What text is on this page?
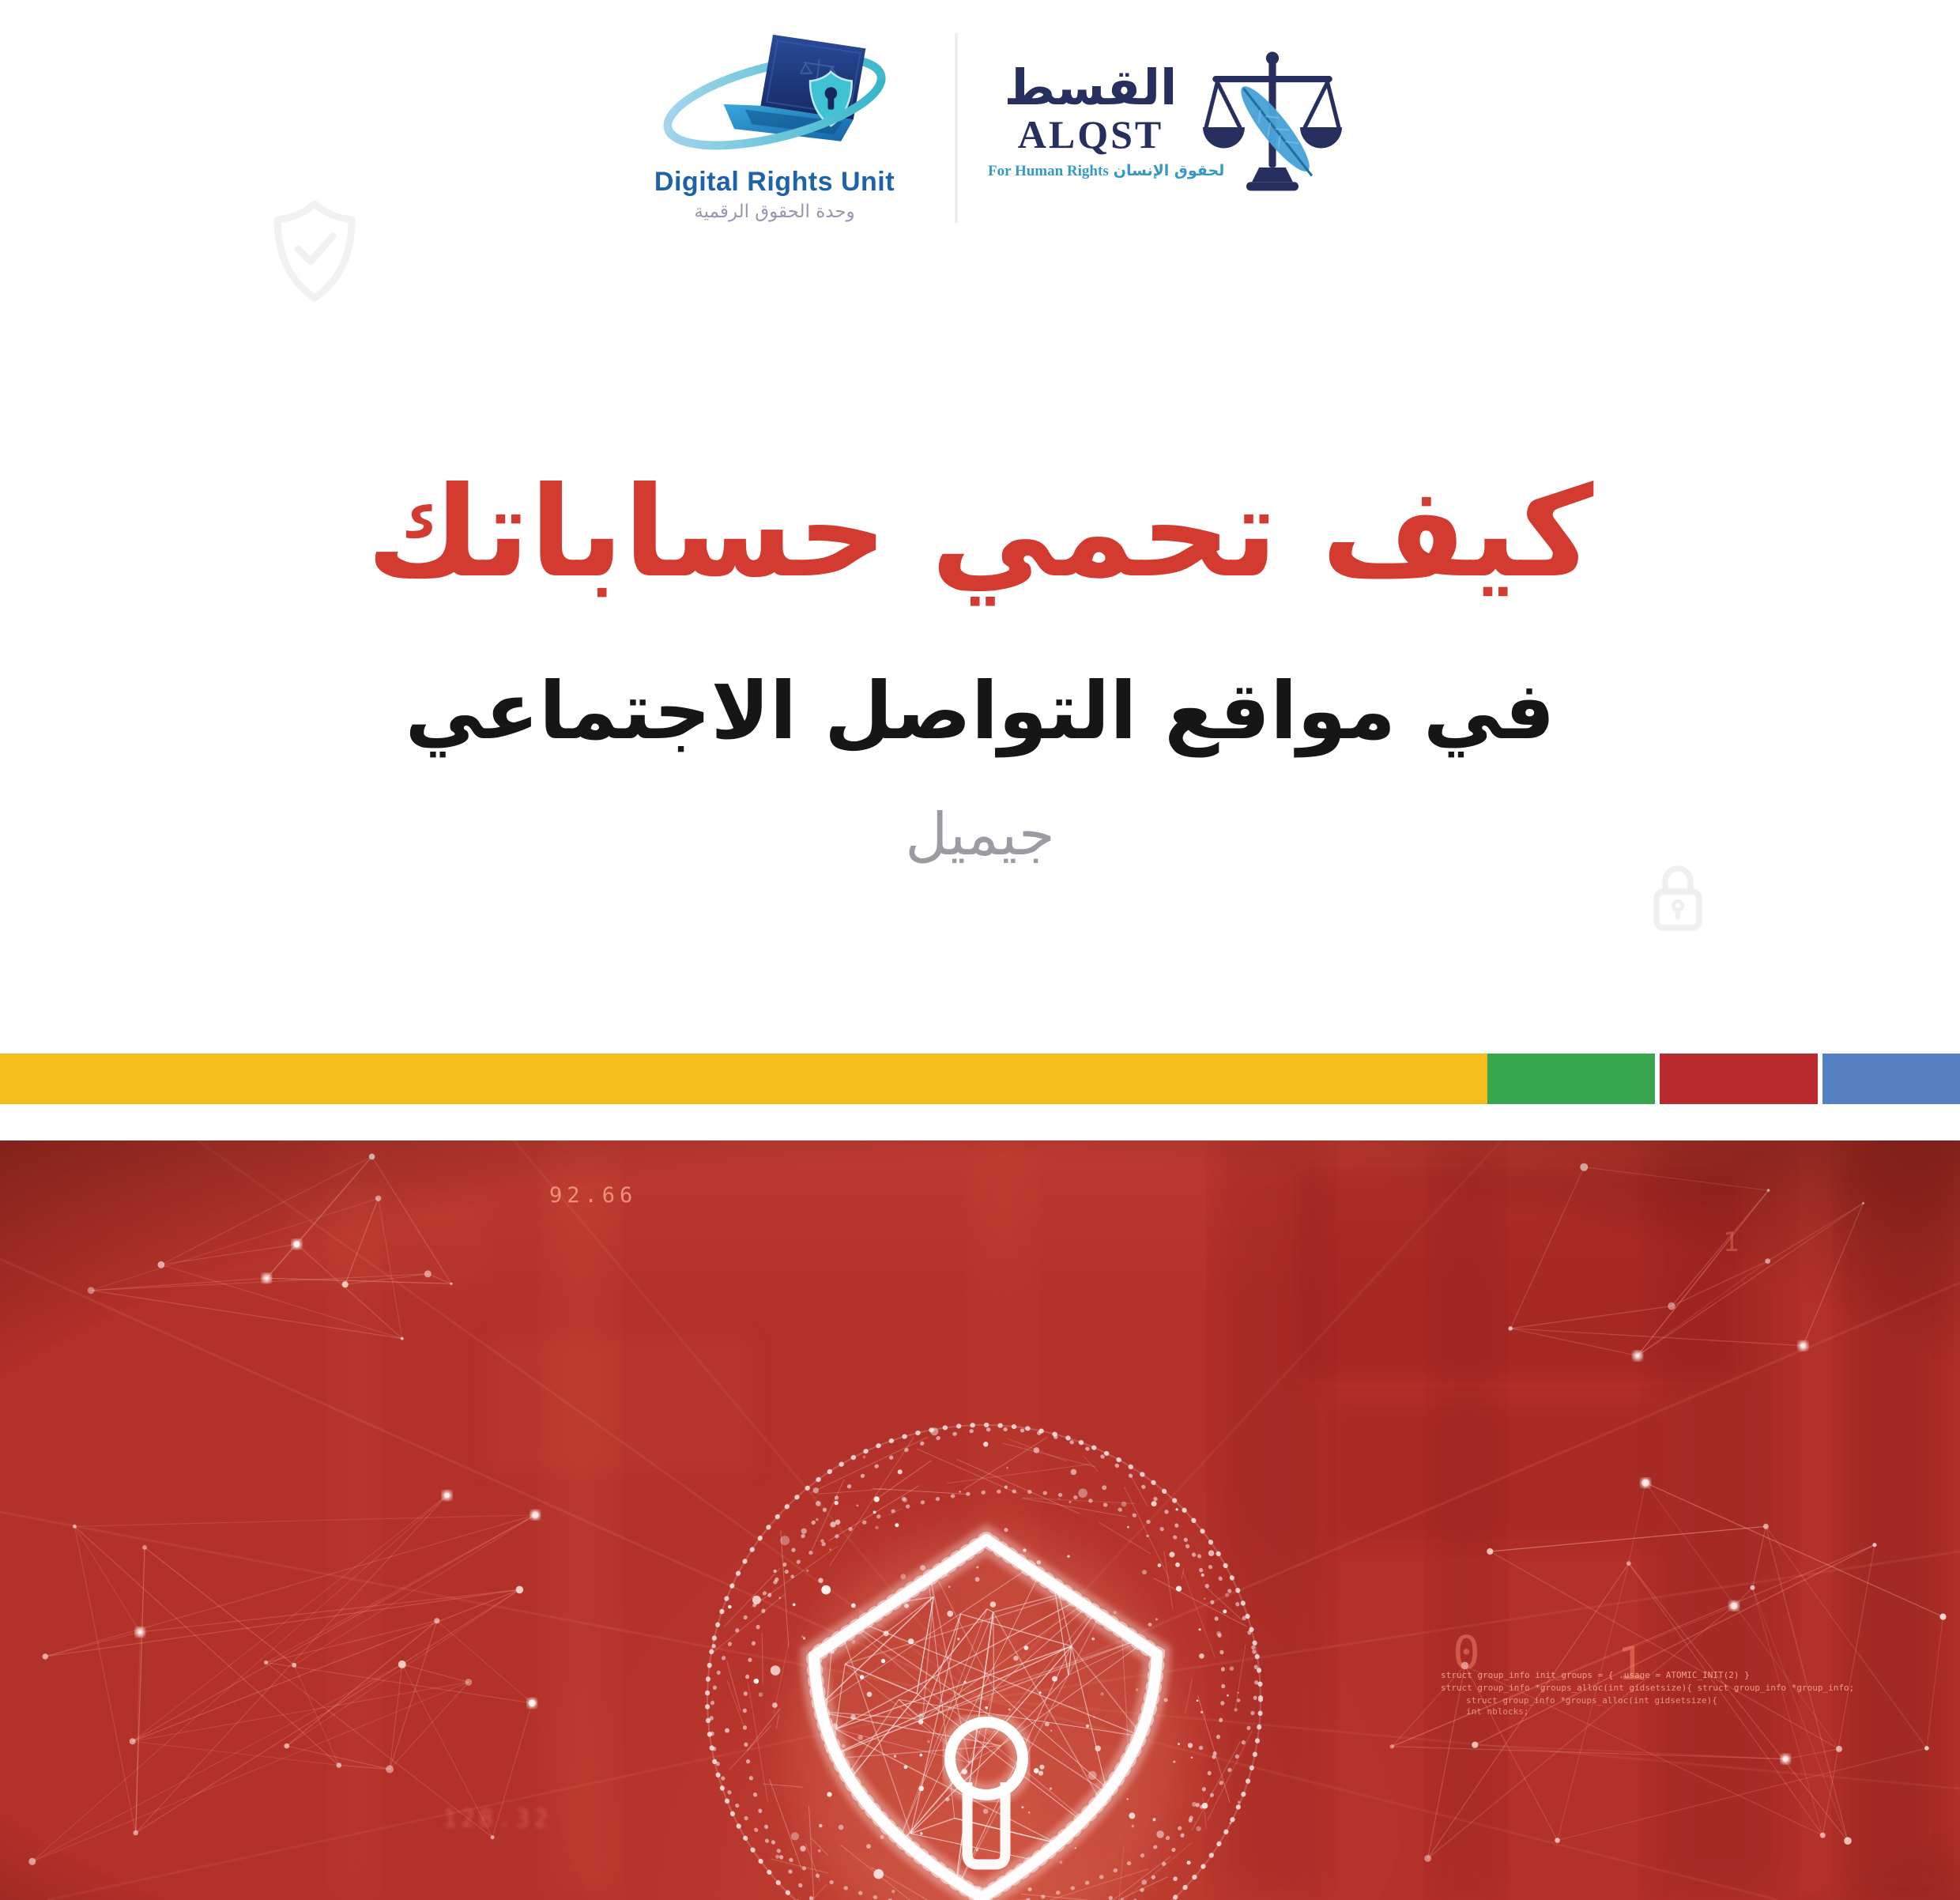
Digital Rights Unit
وحدة الحقوق الرقمية
القسط
ALQST
For Human Rights لحقوق الإنسان
كيف تحمي حساباتك
في مواقع التواصل الاجتماعي
جيميل
